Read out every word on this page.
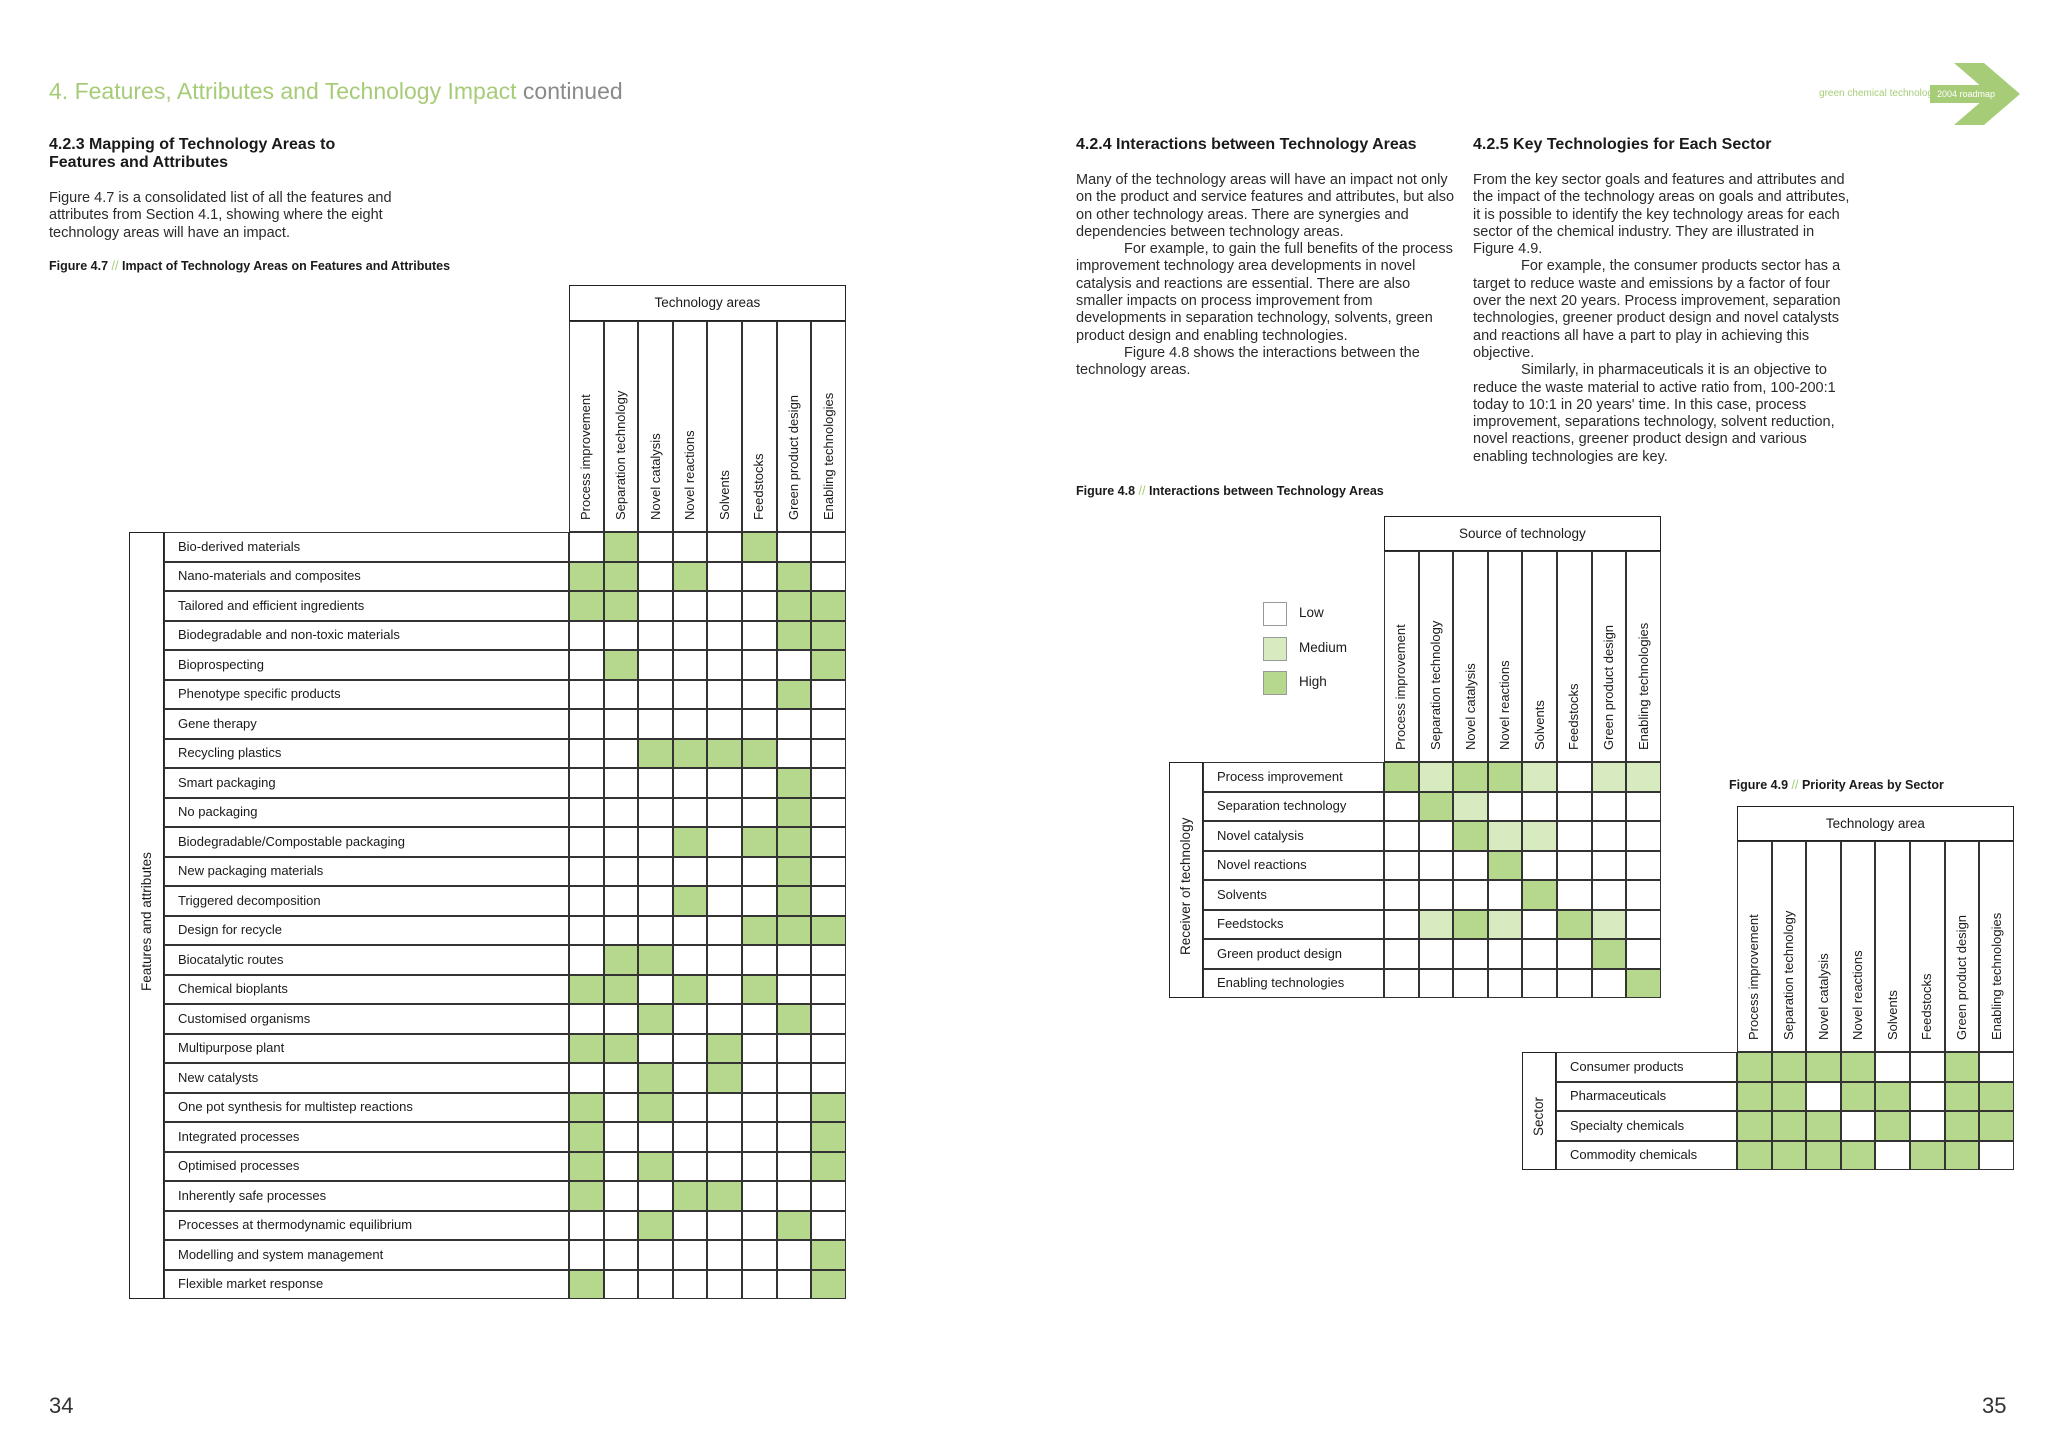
4. Features, Attributes and Technology Impact continued	green chemical technology 2004 roadmap
4.2.3 Mapping of Technology Areas to Features and Attributes
Figure 4.7 is a consolidated list of all the features and attributes from Section 4.1, showing where the eight technology areas will have an impact.
Figure 4.7 // Impact of Technology Areas on Features and Attributes
Technology areas
Process improvement Separation technology Novel catalysis Novel reactions Solvents Feedstocks Green product design Enabling technologies
Features and attributes
Bio-derived materials
Nano-materials and composites
Tailored and efficient ingredients
Biodegradable and non-toxic materials
Bioprospecting
Phenotype specific products
Gene therapy
Recycling plastics
Smart packaging
No packaging
Biodegradable/Compostable packaging
New packaging materials
Triggered decomposition
Design for recycle
Biocatalytic routes
Chemical bioplants
Customised organisms
Multipurpose plant
New catalysts
One pot synthesis for multistep reactions
Integrated processes
Optimised processes
Inherently safe processes
Processes at thermodynamic equilibrium
Modelling and system management
Flexible market response
4.2.4 Interactions between Technology Areas
Many of the technology areas will have an impact not only on the product and service features and attributes, but also on other technology areas. There are synergies and dependencies between technology areas.
For example, to gain the full benefits of the process improvement technology area developments in novel catalysis and reactions are essential. There are also smaller impacts on process improvement from developments in separation technology, solvents, green product design and enabling technologies.
Figure 4.8 shows the interactions between the technology areas.
Figure 4.8 // Interactions between Technology Areas
4.2.5 Key Technologies for Each Sector
From the key sector goals and features and attributes and the impact of the technology areas on goals and attributes, it is possible to identify the key technology areas for each sector of the chemical industry. They are illustrated in Figure 4.9.
For example, the consumer products sector has a target to reduce waste and emissions by a factor of four over the next 20 years. Process improvement, separation technologies, greener product design and novel catalysts and reactions all have a part to play in achieving this objective.
Similarly, in pharmaceuticals it is an objective to reduce the waste material to active ratio from, 100-200:1 today to 10:1 in 20 years' time. In this case, process improvement, separations technology, solvent reduction, novel reactions, greener product design and various enabling technologies are key.
Figure 4.9 // Priority Areas by Sector
Low
Medium
High
Source of technology
Process improvement Separation technology Novel catalysis Novel reactions Solvents Feedstocks Green product design Enabling technologies
Receiver of technology
Process improvement
Separation technology
Novel catalysis
Novel reactions
Solvents
Feedstocks
Green product design
Enabling technologies
Technology area
Process improvement Separation technology Novel catalysis Novel reactions Solvents Feedstocks Green product design Enabling technologies
Sector
Consumer products
Pharmaceuticals
Specialty chemicals
Commodity chemicals
34	35
